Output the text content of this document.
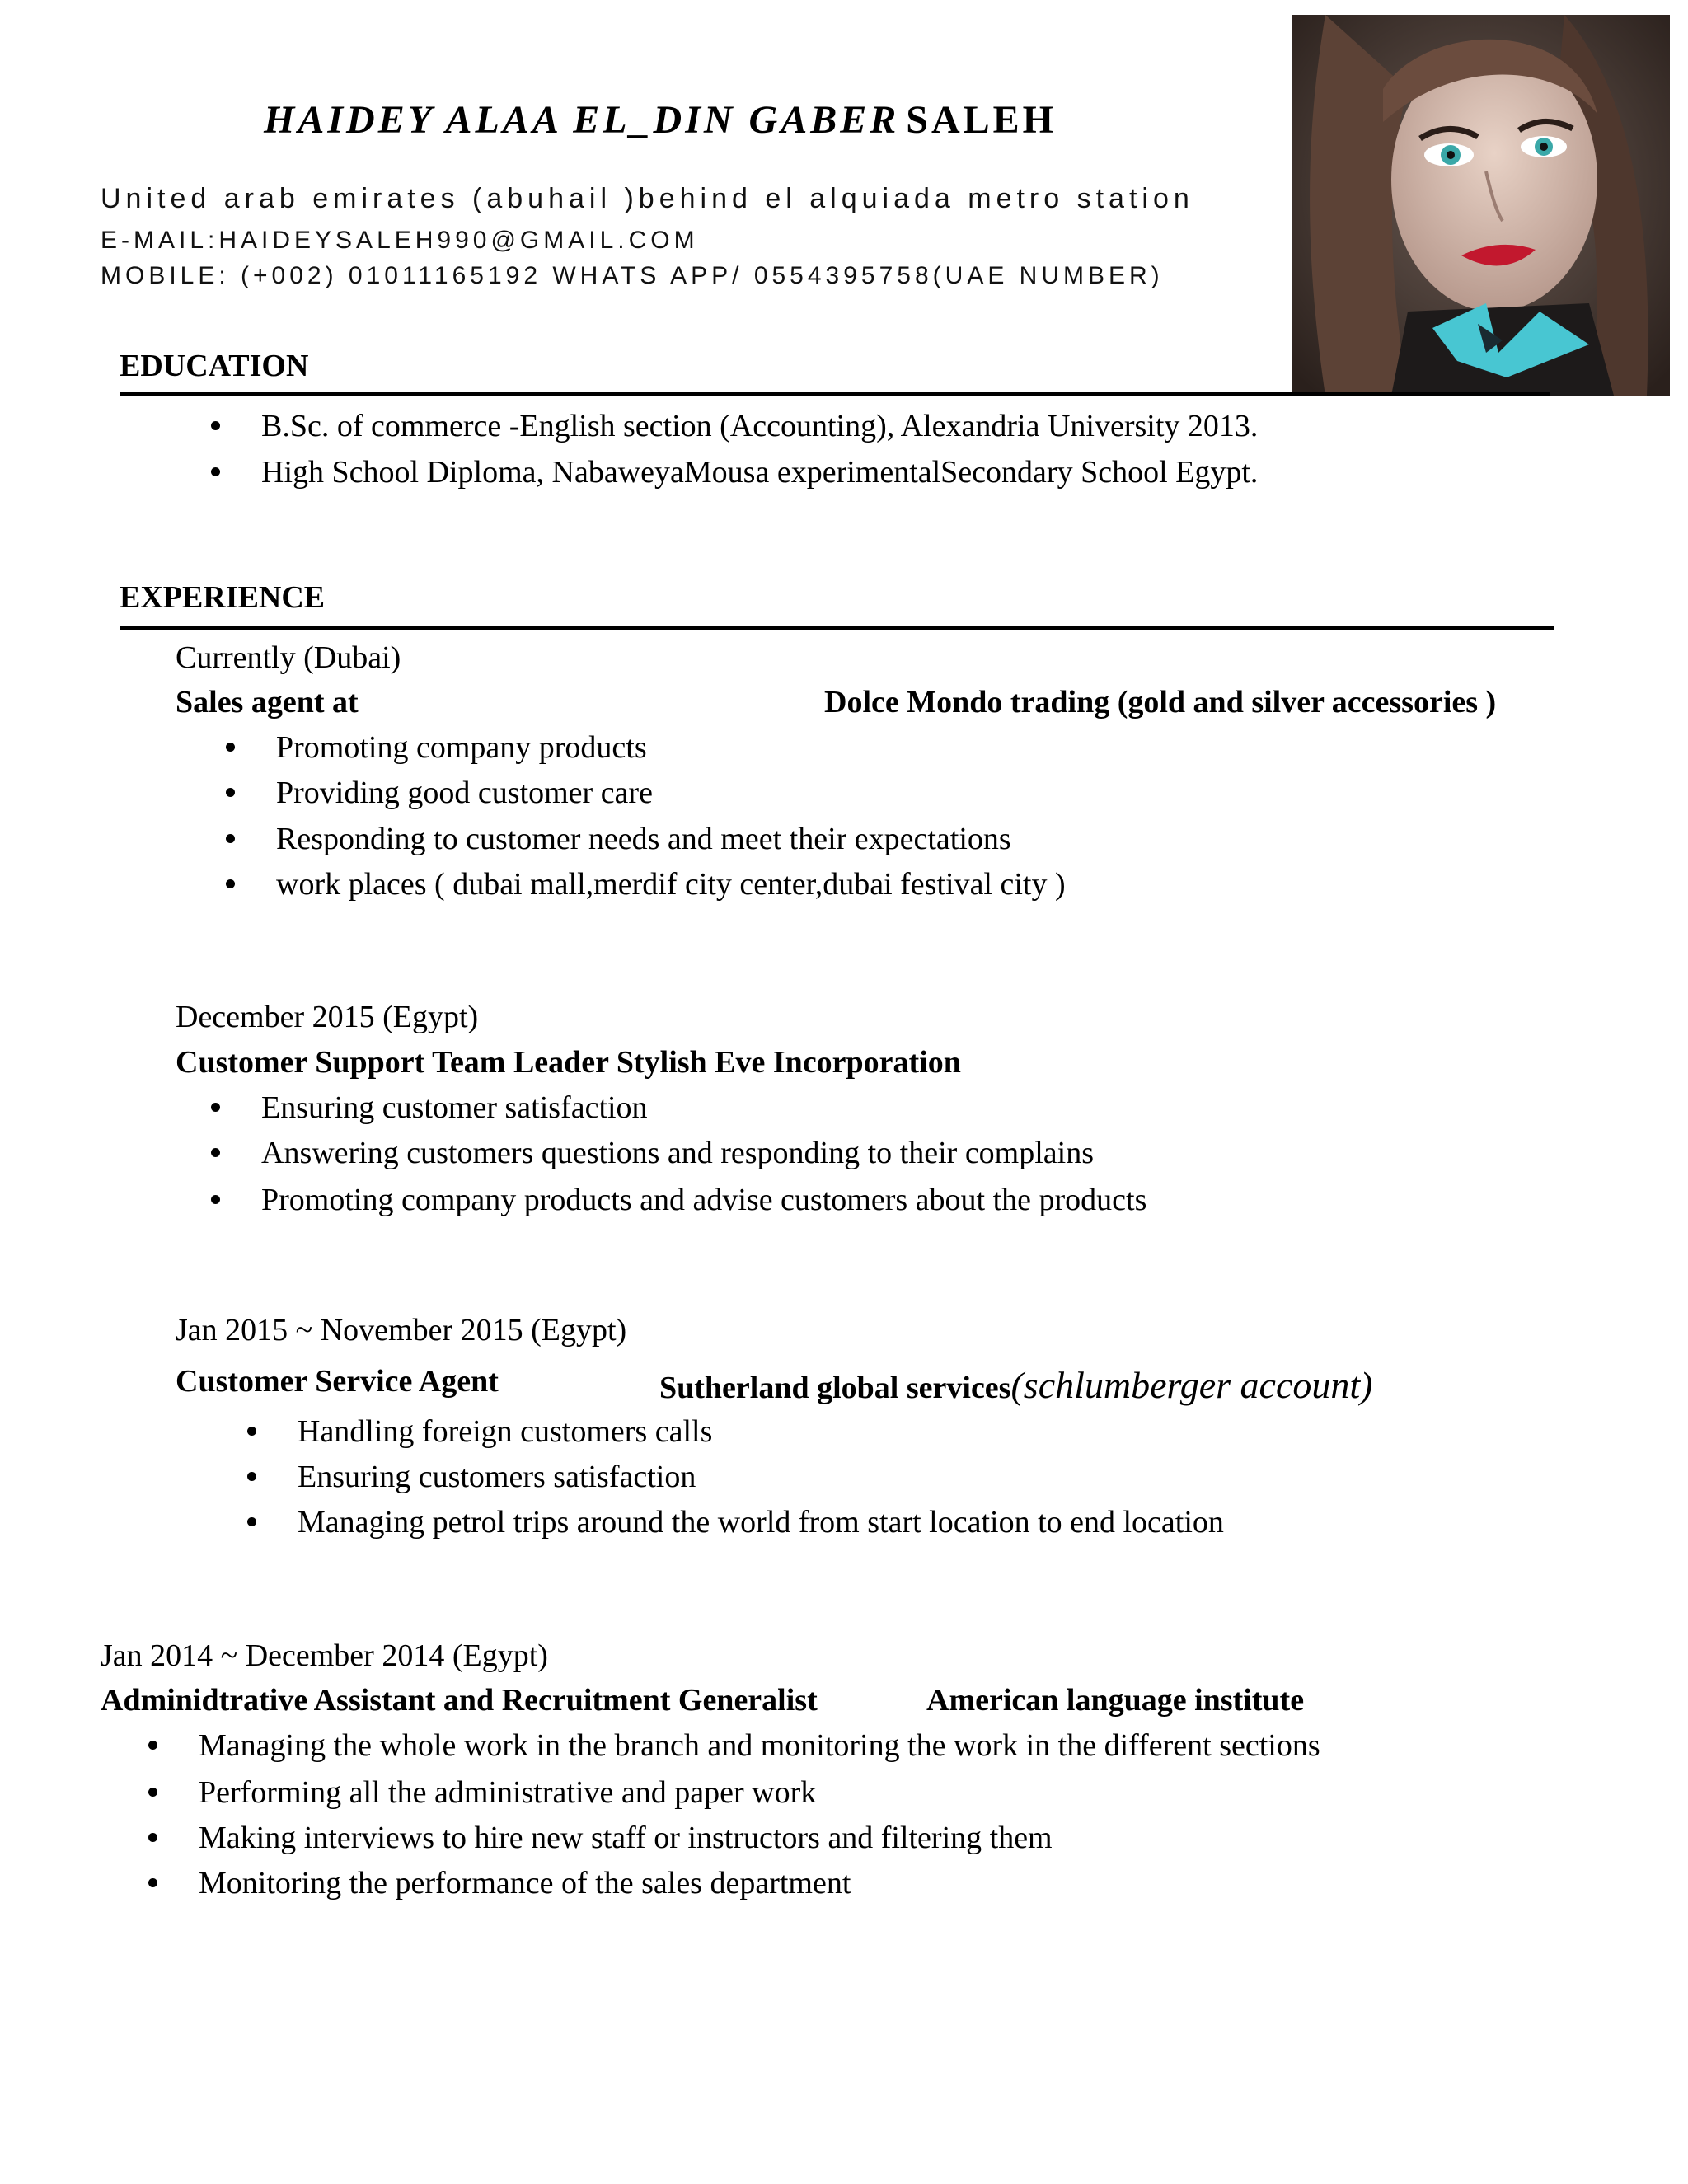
HAIDEY ALAA EL_DIN GABER SALEH
United arab emirates (abuhail )behind el alquiada metro station
E-MAIL:HAIDEYSALEH990@GMAIL.COM
MOBILE: (+002) 01011165192 WHATS APP/ 0554395758(UAE NUMBER)
EDUCATION
B.Sc. of commerce -English section (Accounting), Alexandria University 2013.
High School Diploma, NabaweyaMousa experimentalSecondary School Egypt.
EXPERIENCE
Currently (Dubai)
Sales agent at	Dolce Mondo trading (gold and silver accessories )
Promoting company products
Providing good customer care
Responding to customer needs and meet their expectations
work places ( dubai mall,merdif city center,dubai festival city )
December 2015 (Egypt)
Customer Support Team Leader Stylish Eve Incorporation
Ensuring customer satisfaction
Answering customers questions and responding to their complains
Promoting company products and advise customers about the products
Jan 2015 ~ November 2015 (Egypt)
Customer Service Agent	Sutherland global services(schlumberger account)
Handling foreign customers calls
Ensuring customers satisfaction
Managing petrol trips around the world from start location to end location
Jan 2014 ~ December 2014 (Egypt)
Adminidtrative Assistant and Recruitment Generalist	American language institute
Managing the whole work in the branch and monitoring the work in the different sections
Performing all the administrative and paper work
Making interviews to hire new staff or instructors and filtering them
Monitoring the performance of the sales department
